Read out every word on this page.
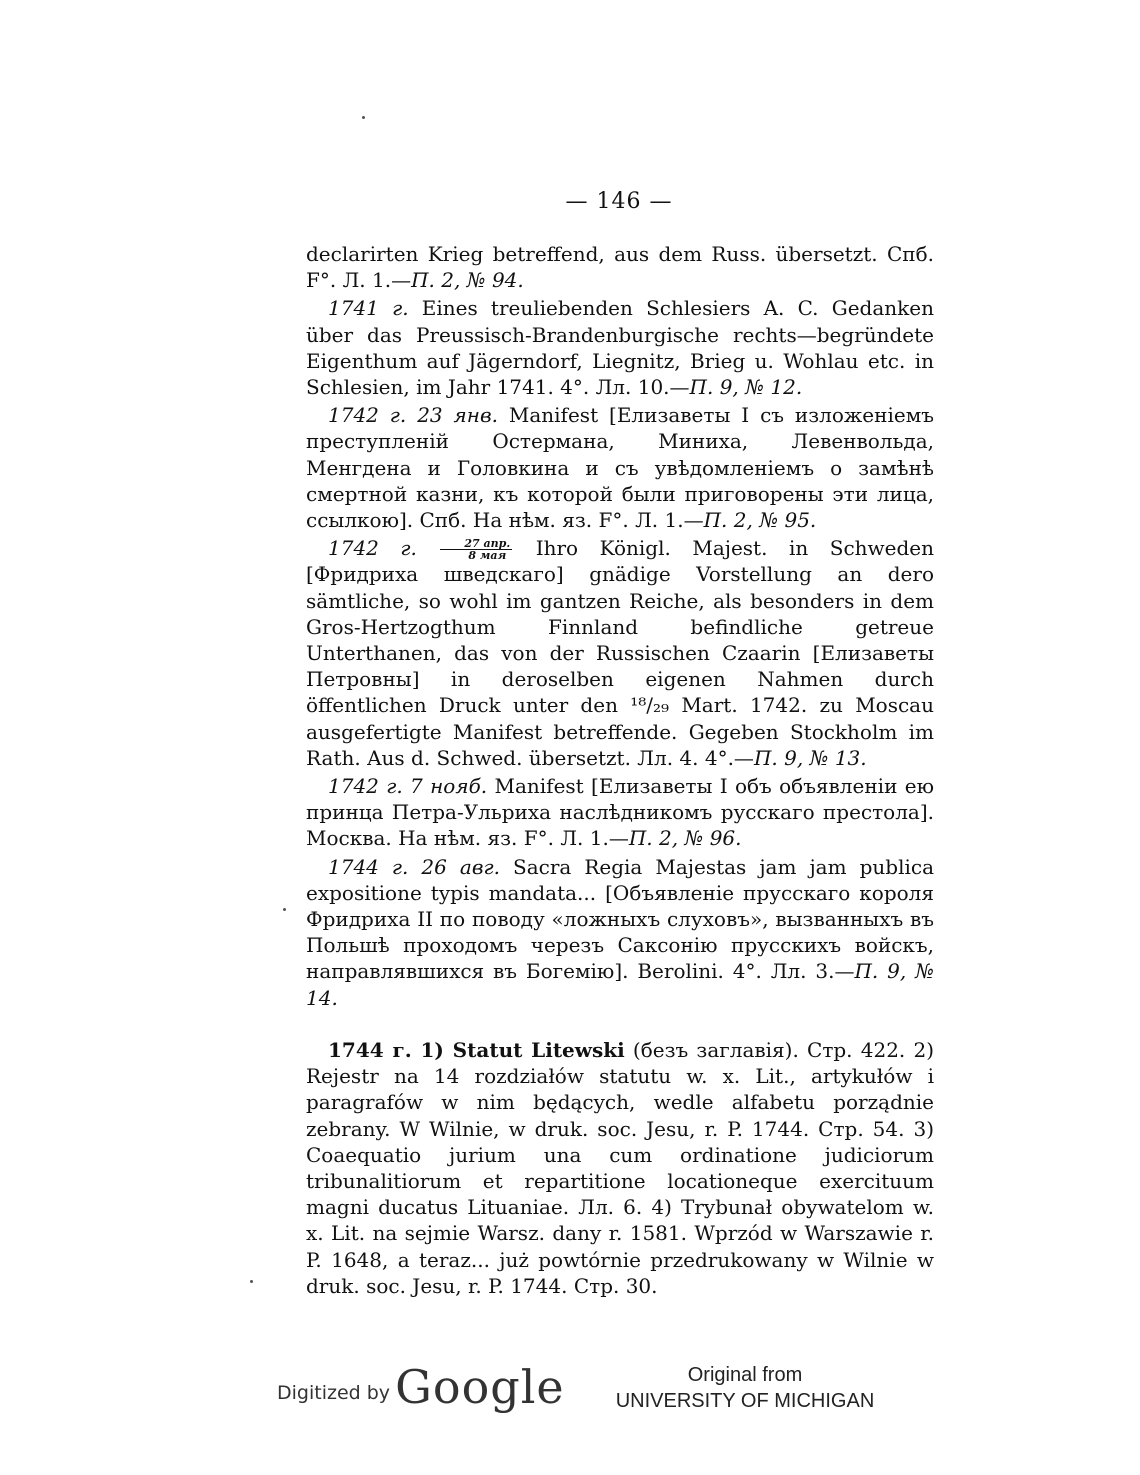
— 146 —

declarirten Krieg betreffend, aus dem Russ. übersetzt. Спб. F°. Л. 1.—П. 2, № 94.

1741 г. Eines treuliebenden Schlesiers A. C. Gedanken über das Preussisch-Brandenburgische rechts—begründete Eigenthum auf Jägerndorf, Liegnitz, Brieg u. Wohlau etc. in Schlesien, im Jahr 1741. 4°. Лл. 10.—П. 9, № 12.

1742 г. 23 янв. Manifest [Елизаветы I съ изложеніемъ преступленій Остермана, Миниха, Левенвольда, Менгдена и Головкина и съ увѣдомленіемъ о замѣнѣ смертной казни, къ которой были приговорены эти лица, ссылкою]. Спб. На нѣм. яз. F°. Л. 1.—П. 2, № 95.

1742 г. $\frac{\text{27 апр.}}{\text{8 мая}}$ Ihro Königl. Majest. in Schweden [Фридриха шведскаго] gnädige Vorstellung an dero sämtliche, so wohl im gantzen Reiche, als besonders in dem Gros-Hertzogthum Finnland befindliche getreue Unterthanen, das von der Russischen Czaarin [Елизаветы Петровны] in deroselben eigenen Nahmen durch öffentlichen Druck unter den ¹⁸/₂₉ Mart. 1742. zu Moscau ausgefertigte Manifest betreffende. Gegeben Stockholm im Rath. Aus d. Schwed. übersetzt. Лл. 4. 4°.—П. 9, № 13.

1742 г. 7 нояб. Manifest [Елизаветы I объ объявленіи ею принца Петра-Ульриха наслѣдникомъ русскаго престола]. Москва. На нѣм. яз. F°. Л. 1.—П. 2, № 96.

1744 г. 26 авг. Sacra Regia Majestas jam jam publica expositione typis mandata... [Объявленіе прусскаго короля Фридриха II по поводу «ложныхъ слуховъ», вызванныхъ въ Польшѣ проходомъ черезъ Саксонію прусскихъ войскъ, направлявшихся въ Богемію]. Berolini. 4°. Лл. 3.—П. 9, № 14.

1744 г. 1) Statut Litewski (безъ заглавія). Стр. 422. 2) Rejestr na 14 rozdziałów statutu w. x. Lit., artykułów i paragrafów w nim będących, wedle alfabetu porządnie zebrany. W Wilnie, w druk. soc. Jesu, r. P. 1744. Стр. 54. 3) Coaequatio jurium una cum ordinatione judiciorum tribunalitiorum et repartitione locationeque exercituum magni ducatus Lituaniae. Лл. 6. 4) Trybunał obywatelom w. x. Lit. na sejmie Warsz. dany r. 1581. Wprzód w Warszawie r. P. 1648, a teraz... już powtórnie przedrukowany w Wilnie w druk. soc. Jesu, r. P. 1744. Стр. 30.

Digitized by Google	Original from
UNIVERSITY OF MICHIGAN
